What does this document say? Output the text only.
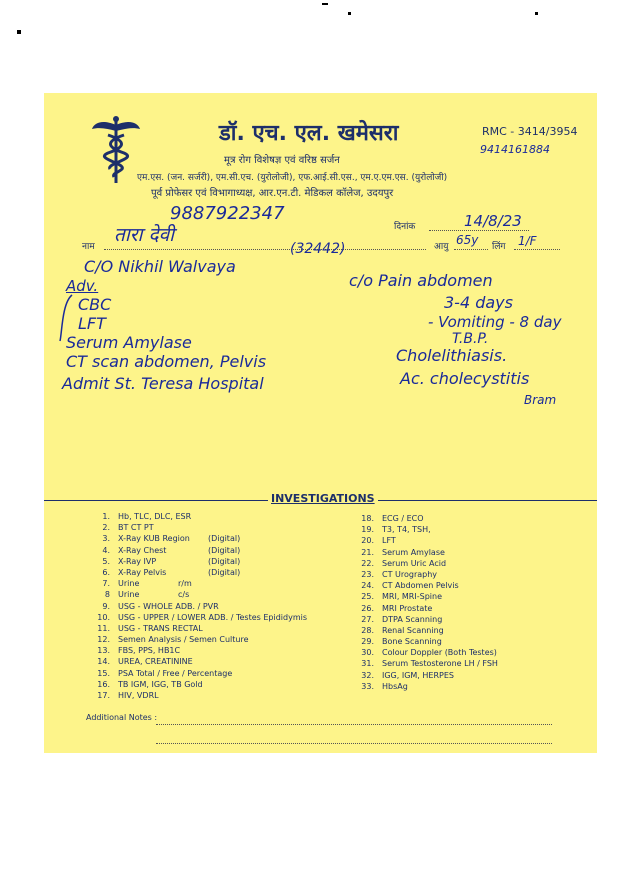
डॉ. एच. एल. खमेसरा	RMC - 3414/3954
9414161884
मूत्र रोग विशेषज्ञ एवं वरिष्ठ सर्जन
एम.एस. (जन. सर्जरी), एम.सी.एच. (युरोलोजी), एफ.आई.सी.एस., एम.ए.एम.एस. (युरोलोजी)
पूर्व प्रोफेसर एवं विभागाध्यक्ष, आर.एन.टी. मेडिकल कॉलेज, उदयपुर
9887922347
दिनांक	14/8/23
नाम
तारा देवी
(32442)	आयु 65y लिंग 1/F
C/O Nikhil Walvaya
c/o Pain abdomen
3-4 days
- Vomiting - 8 day
T.B.P.
Adv.
CBC
LFT
Serum Amylase
CT scan abdomen, Pelvis
Admit St. Teresa Hospital
Cholelithiasis.
Ac. cholecystitis
Bram
INVESTIGATIONS
1.	Hb, TLC, DLC, ESR
2.	BT CT PT
3.	X-Ray KUB Region (Digital)
4.	X-Ray Chest	(Digital)
5.	X-Ray IVP	(Digital)
6.	X-Ray Pelvis	(Digital)
7.	Urine	r/m
8	Urine	c/s
9.	USG - WHOLE ADB. / PVR
10.	USG - UPPER / LOWER ADB. / Testes Epididymis
11.	USG - TRANS RECTAL
12.	Semen Analysis / Semen Culture
13.	FBS, PPS, HB1C
14.	UREA, CREATININE
15.	PSA Total / Free / Percentage
16.	TB IGM, IGG, TB Gold
17.	HIV, VDRL
18.	ECG / ECO
19.	T3, T4, TSH,
20.	LFT
21.	Serum Amylase
22.	Serum Uric Acid
23.	CT Urography
24.	CT Abdomen Pelvis
25.	MRI, MRI-Spine
26.	MRI Prostate
27.	DTPA Scanning
28.	Renal Scanning
29.	Bone Scanning
30.	Colour Doppler (Both Testes)
31.	Serum Testosterone LH / FSH
32.	IGG, IGM, HERPES
33.	HbsAg
Additional Notes :
